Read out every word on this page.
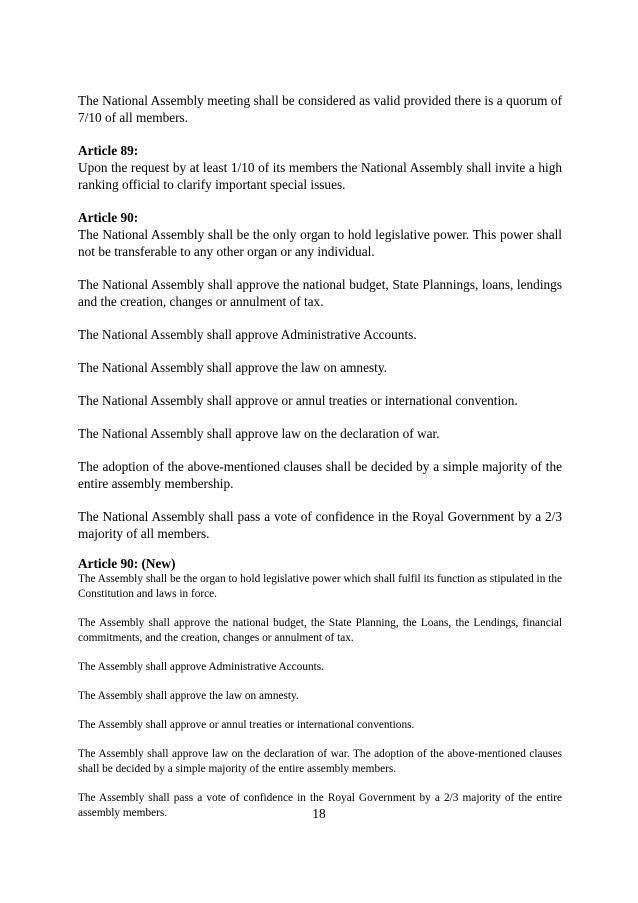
The National Assembly meeting shall be considered as valid provided there is a quorum of 7/10 of all members.

Article 89:

Upon the request by at least 1/10 of its members the National Assembly shall invite a high ranking official to clarify important special issues.

Article 90:

The National Assembly shall be the only organ to hold legislative power. This power shall not be transferable to any other organ or any individual.

The National Assembly shall approve the national budget, State Plannings, loans, lendings and the creation, changes or annulment of tax.

The National Assembly shall approve Administrative Accounts.

The National Assembly shall approve the law on amnesty.

The National Assembly shall approve or annul treaties or international convention.

The National Assembly shall approve law on the declaration of war.

The adoption of the above-mentioned clauses shall be decided by a simple majority of the entire assembly membership.

The National Assembly shall pass a vote of confidence in the Royal Government by a 2/3 majority of all members.

Article 90: (New)

The Assembly shall be the organ to hold legislative power which shall fulfil its function as stipulated in the Constitution and laws in force.

The Assembly shall approve the national budget, the State Planning, the Loans, the Lendings, financial commitments, and the creation, changes or annulment of tax.

The Assembly shall approve Administrative Accounts.

The Assembly shall approve the law on amnesty.

The Assembly shall approve or annul treaties or international conventions.

The Assembly shall approve law on the declaration of war. The adoption of the above-mentioned clauses shall be decided by a simple majority of the entire assembly members.

The Assembly shall pass a vote of confidence in the Royal Government by a 2/3 majority of the entire assembly members.	18
